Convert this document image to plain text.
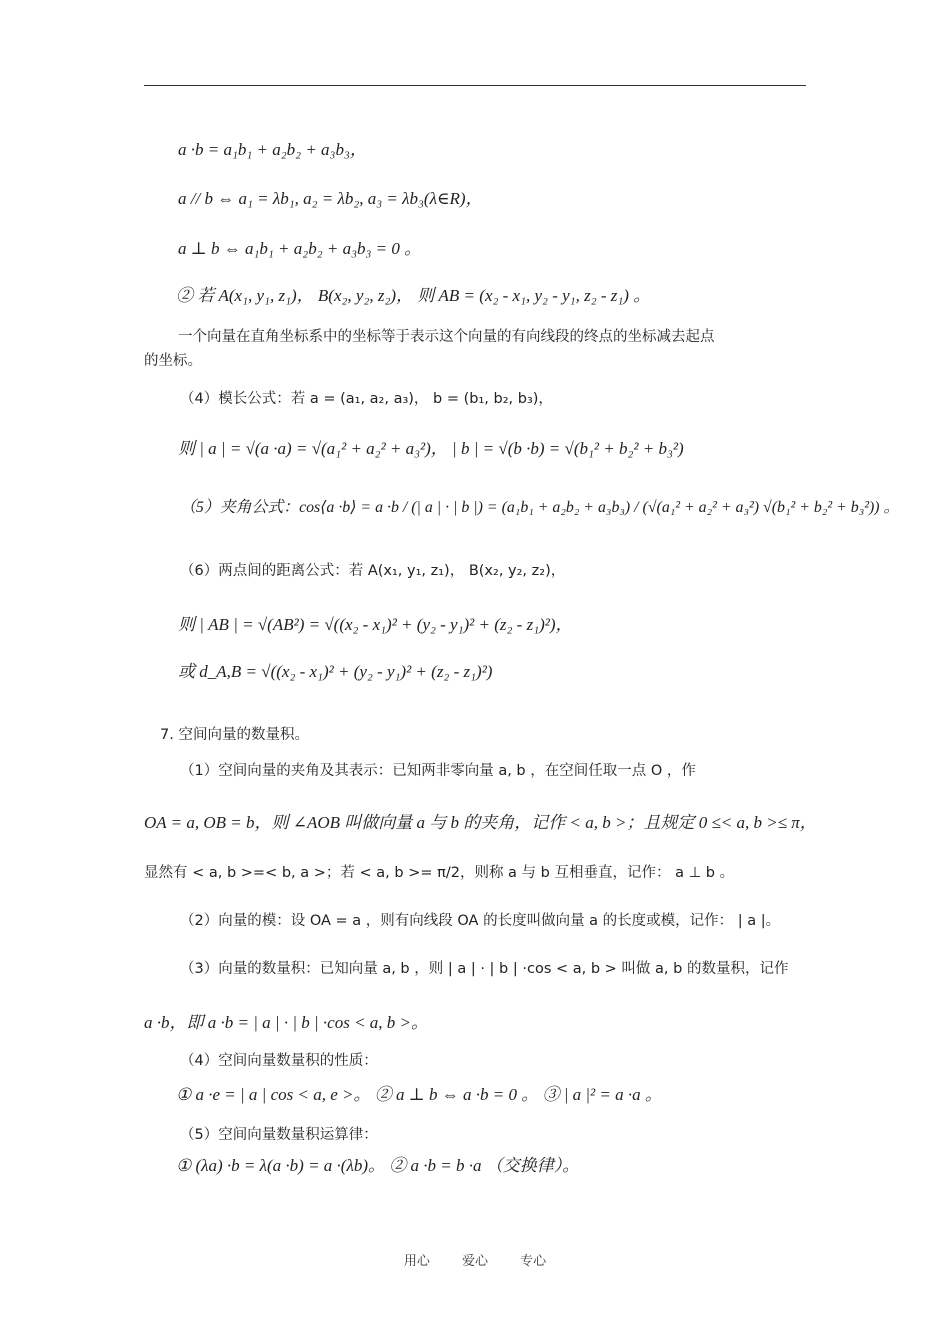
a ·b = a₁b₁ + a₂b₂ + a₃b₃，
a // b ⇔ a₁ = λb₁, a₂ = λb₂, a₃ = λb₃(λ∈R)，
a ⊥ b ⇔ a₁b₁ + a₂b₂ + a₃b₃ = 0 。
② 若 A(x₁, y₁, z₁)， B(x₂, y₂, z₂)， 则 AB = (x₂ - x₁, y₂ - y₁, z₂ - z₁) 。
一个向量在直角坐标系中的坐标等于表示这个向量的有向线段的终点的坐标减去起点
的坐标。
（4）模长公式：若 a = (a₁, a₂, a₃)， b = (b₁, b₂, b₃)，
则 | a | = √(a ·a) = √(a₁² + a₂² + a₃²)， | b | = √(b ·b) = √(b₁² + b₂² + b₃²)
（5）夹角公式：cos⟨a ·b⟩ = a ·b / (| a | · | b |) = (a₁b₁ + a₂b₂ + a₃b₃) / (√(a₁² + a₂² + a₃²) √(b₁² + b₂² + b₃²)) 。
（6）两点间的距离公式：若 A(x₁, y₁, z₁)， B(x₂, y₂, z₂)，
则 | AB | = √(AB²) = √((x₂ - x₁)² + (y₂ - y₁)² + (z₂ - z₁)²)，
或 d_A,B = √((x₂ - x₁)² + (y₂ - y₁)² + (z₂ - z₁)²)
7. 空间向量的数量积。
（1）空间向量的夹角及其表示：已知两非零向量 a, b ，在空间任取一点 O ，作
OA = a, OB = b，则 ∠AOB 叫做向量 a 与 b 的夹角，记作 < a, b >；且规定 0 ≤< a, b >≤ π，
显然有 < a, b >=< b, a >；若 < a, b >= π/2，则称 a 与 b 互相垂直，记作： a ⊥ b 。
（2）向量的模：设 OA = a ，则有向线段 OA 的长度叫做向量 a 的长度或模，记作： | a |。
（3）向量的数量积：已知向量 a, b ，则 | a | · | b | ·cos < a, b > 叫做 a, b 的数量积，记作
a ·b，即 a ·b = | a | · | b | ·cos < a, b >。
（4）空间向量数量积的性质：
① a ·e = | a | cos < a, e >。 ② a ⊥ b ⇔ a ·b = 0 。 ③ | a |² = a ·a 。
（5）空间向量数量积运算律：
① (λa) ·b = λ(a ·b) = a ·(λb)。 ② a ·b = b ·a （交换律）。
用心 爱心 专心
